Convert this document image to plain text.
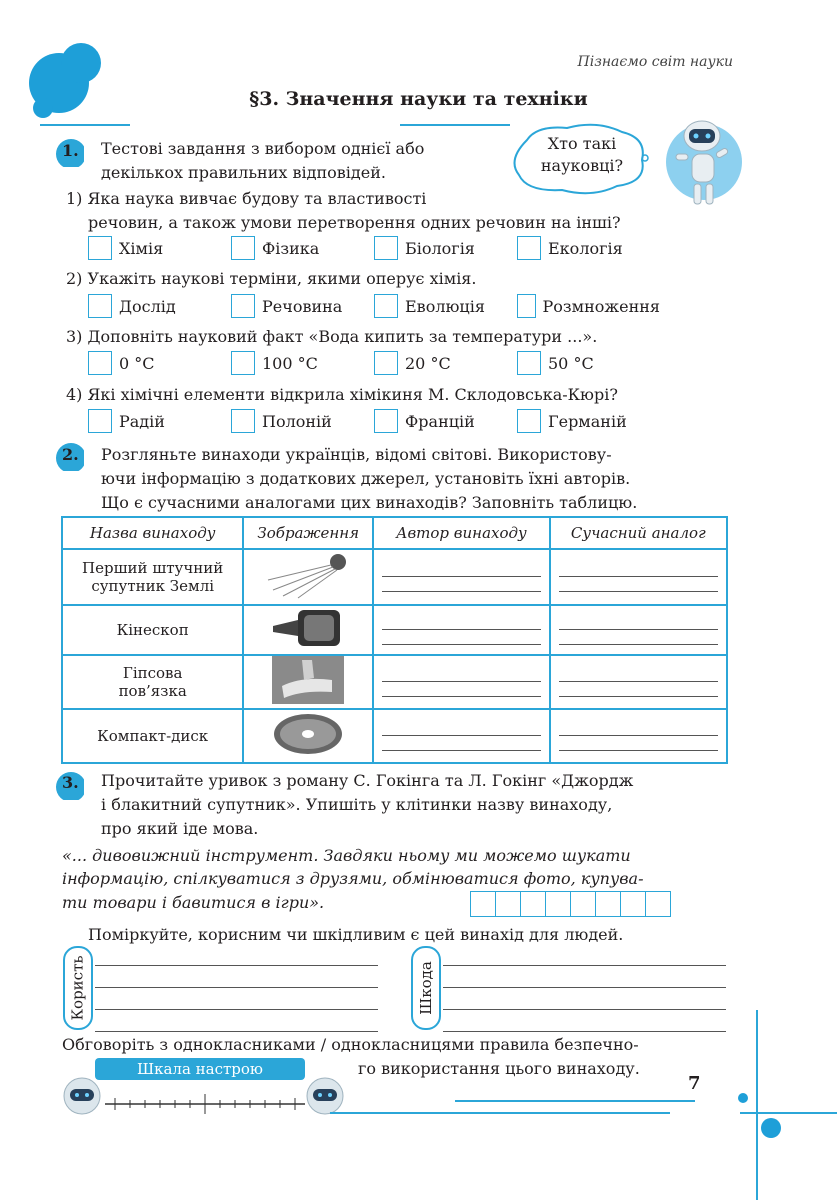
Пізнаємо світ науки
§3. Значення науки та техніки
Хто такі
науковці?
1. Тестові завдання з вибором однієї або
декількох правильних відповідей.
1) Яка наука вивчає будову та властивості
речовин, а також умови перетворення одних речовин на інші?
Хімія	Фізика	Біологія	Екологія
2) Укажіть наукові терміни, якими оперує хімія.
Дослід	Речовина	Еволюція	Розмноження
3) Доповніть науковий факт «Вода кипить за температури ...».
0 °С	100 °С	20 °С	50 °С
4) Які хімічні елементи відкрила хімікиня М. Склодовська-Кюрі?
Радій	Полоній	Францій	Германій
2. Розгляньте винаходи українців, відомі світові. Використову-
ючи інформацію з додаткових джерел, установіть їхні авторів.
Що є сучасними аналогами цих винаходів? Заповніть таблицю.
Назва винаходу	Зображення	Автор винаходу	Сучасний аналог

Перший штучний
супутник Землі

Кінескоп

Гіпсова
пов’язка

Компакт-диск

3. Прочитайте уривок з роману С. Гокінга та Л. Гокінг «Джордж
і блакитний супутник». Упишіть у клітинки назву винаходу,
про який іде мова.
«... дивовижний інструмент. Завдяки ньому ми можемо шукати
інформацію, спілкуватися з друзями, обмінюватися фото, купува-
ти товари і бавитися в ігри».
Поміркуйте, корисним чи шкідливим є цей винахід для людей.
Користь	Шкода
Обговоріть з однокласниками / однокласницями правила безпечно-
го використання цього винаходу.
Шкала настрою
7
